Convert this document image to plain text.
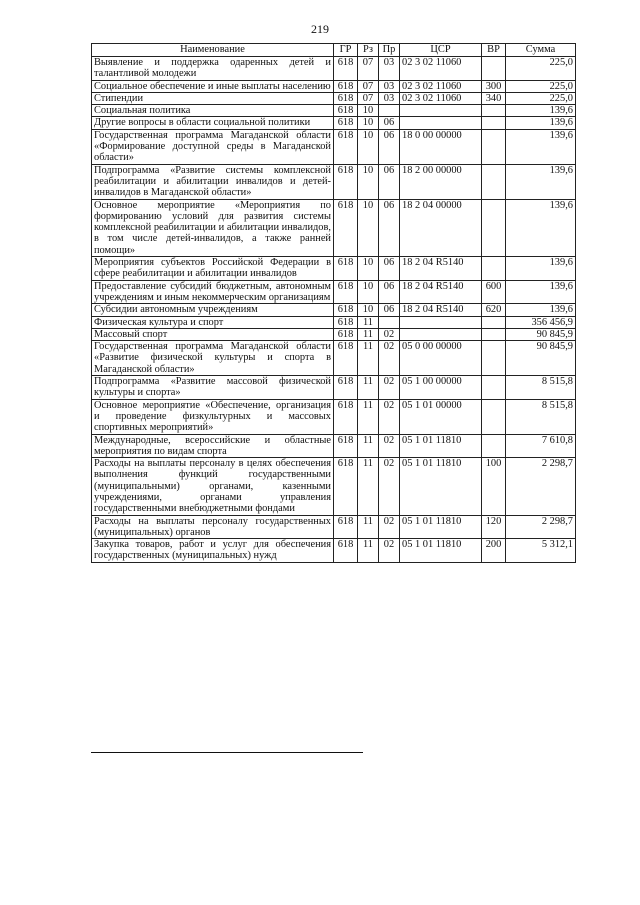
219
Наименование	ГР	Рз	Пр	ЦСР	ВР	Сумма
Выявление и поддержка одаренных детей и талантливой молодежи	618	07	03	02 3 02 11060		225,0
Социальное обеспечение и иные выплаты населению	618	07	03	02 3 02 11060	300	225,0
Стипендии	618	07	03	02 3 02 11060	340	225,0
Социальная политика	618	10				139,6
Другие вопросы в области социальной политики	618	10	06			139,6
Государственная программа Магаданской области «Формирование доступной среды в Магаданской области»	618	10	06	18 0 00 00000		139,6
Подпрограмма «Развитие системы комплексной реабилитации и абилитации инвалидов и детей-инвалидов в Магаданской области»	618	10	06	18 2 00 00000		139,6
Основное мероприятие «Мероприятия по формированию условий для развития системы комплексной реабилитации и абилитации инвалидов, в том числе детей-инвалидов, а также ранней помощи»	618	10	06	18 2 04 00000		139,6
Мероприятия субъектов Российской Федерации в сфере реабилитации и абилитации инвалидов	618	10	06	18 2 04 R5140		139,6
Предоставление субсидий бюджетным, автономным учреждениям и иным некоммерческим организациям	618	10	06	18 2 04 R5140	600	139,6
Субсидии автономным учреждениям	618	10	06	18 2 04 R5140	620	139,6
Физическая культура и спорт	618	11				356 456,9
Массовый спорт	618	11	02			90 845,9
Государственная программа Магаданской области «Развитие физической культуры и спорта в Магаданской области»	618	11	02	05 0 00 00000		90 845,9
Подпрограмма «Развитие массовой физической культуры и спорта»	618	11	02	05 1 00 00000		8 515,8
Основное мероприятие «Обеспечение, организация и проведение физкультурных и массовых спортивных мероприятий»	618	11	02	05 1 01 00000		8 515,8
Международные, всероссийские и областные мероприятия по видам спорта	618	11	02	05 1 01 11810		7 610,8
Расходы на выплаты персоналу в целях обеспечения выполнения функций государственными (муниципальными) органами, казенными учреждениями, органами управления государственными внебюджетными фондами	618	11	02	05 1 01 11810	100	2 298,7
Расходы на выплаты персоналу государственных (муниципальных) органов	618	11	02	05 1 01 11810	120	2 298,7
Закупка товаров, работ и услуг для обеспечения государственных (муниципальных) нужд	618	11	02	05 1 01 11810	200	5 312,1
